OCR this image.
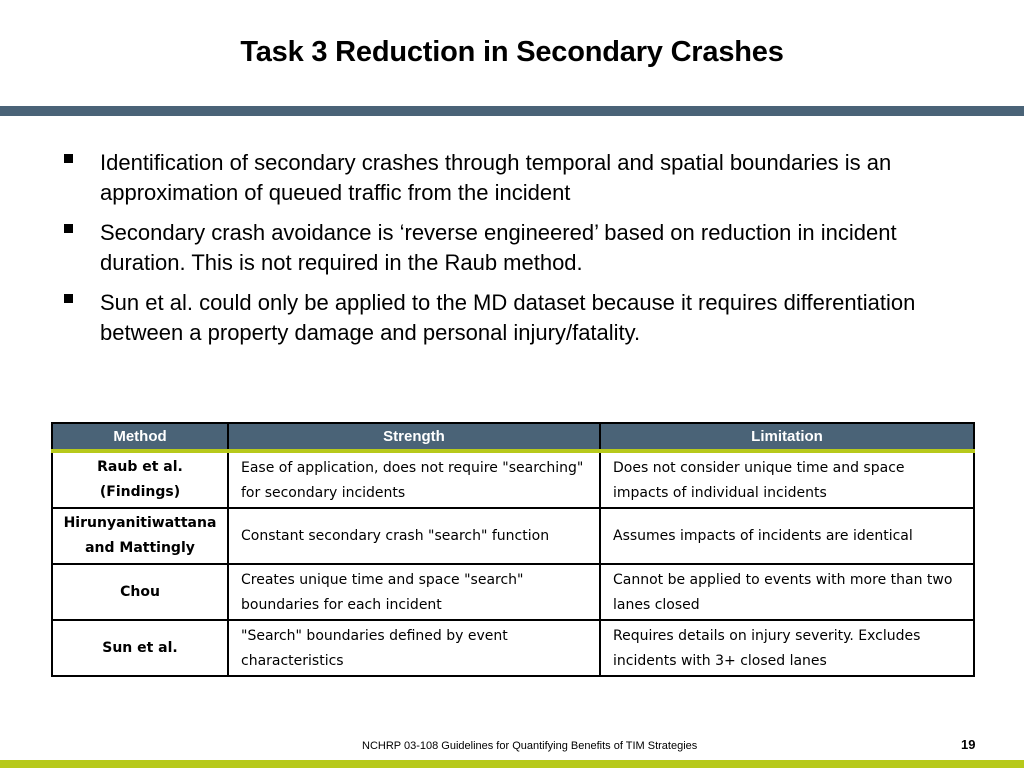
Task 3 Reduction in Secondary Crashes
Identification of secondary crashes through temporal and spatial boundaries is an approximation of queued traffic from the incident
Secondary crash avoidance is ‘reverse engineered’ based on reduction in incident duration. This is not required in the Raub method.
Sun et al. could only be applied to the MD dataset because it requires differentiation between a property damage and personal injury/fatality.
Method	Strength	Limitation
Raub et al. (Findings)	Ease of application, does not require "searching" for secondary incidents	Does not consider unique time and space impacts of individual incidents
Hirunyanitiwattana and Mattingly	Constant secondary crash "search" function	Assumes impacts of incidents are identical
Chou	Creates unique time and space "search" boundaries for each incident	Cannot be applied to events with more than two lanes closed
Sun et al.	"Search" boundaries defined by event characteristics	Requires details on injury severity. Excludes incidents with 3+ closed lanes
NCHRP 03-108 Guidelines for Quantifying Benefits of TIM Strategies	19
